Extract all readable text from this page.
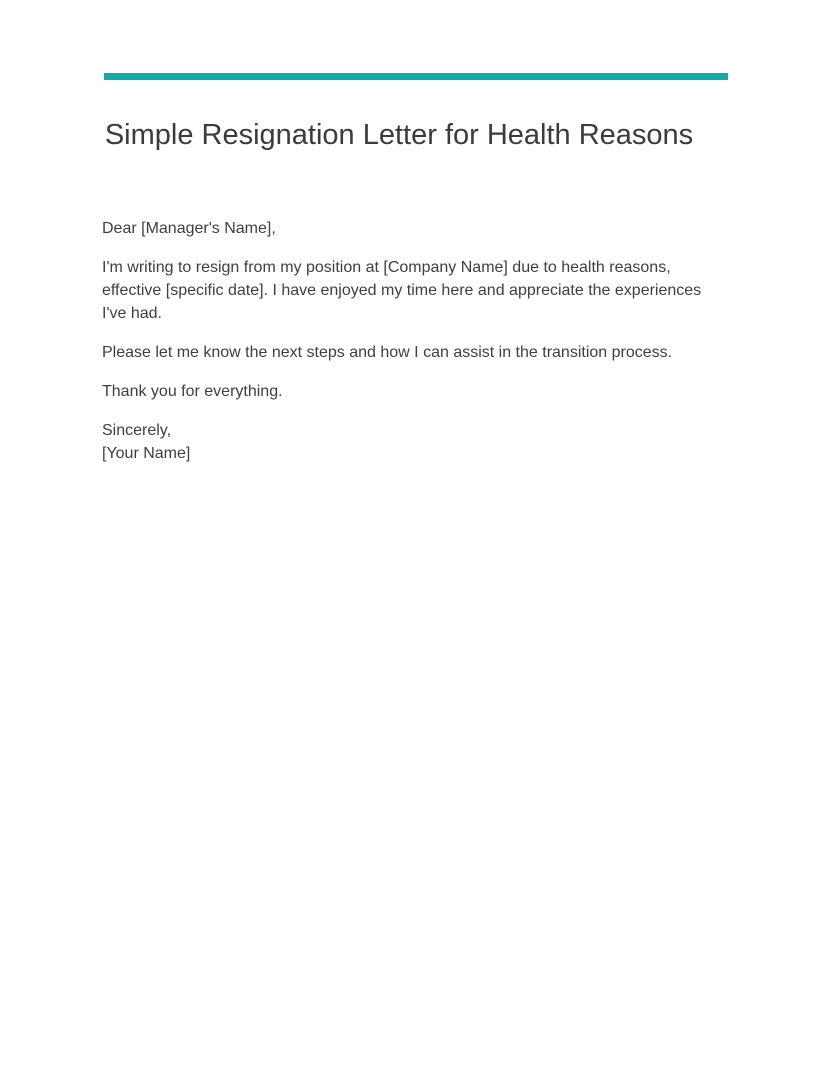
Simple Resignation Letter for Health Reasons

Dear [Manager's Name],

I'm writing to resign from my position at [Company Name] due to health reasons, effective [specific date]. I have enjoyed my time here and appreciate the experiences I've had.

Please let me know the next steps and how I can assist in the transition process.

Thank you for everything.

Sincerely,
[Your Name]
